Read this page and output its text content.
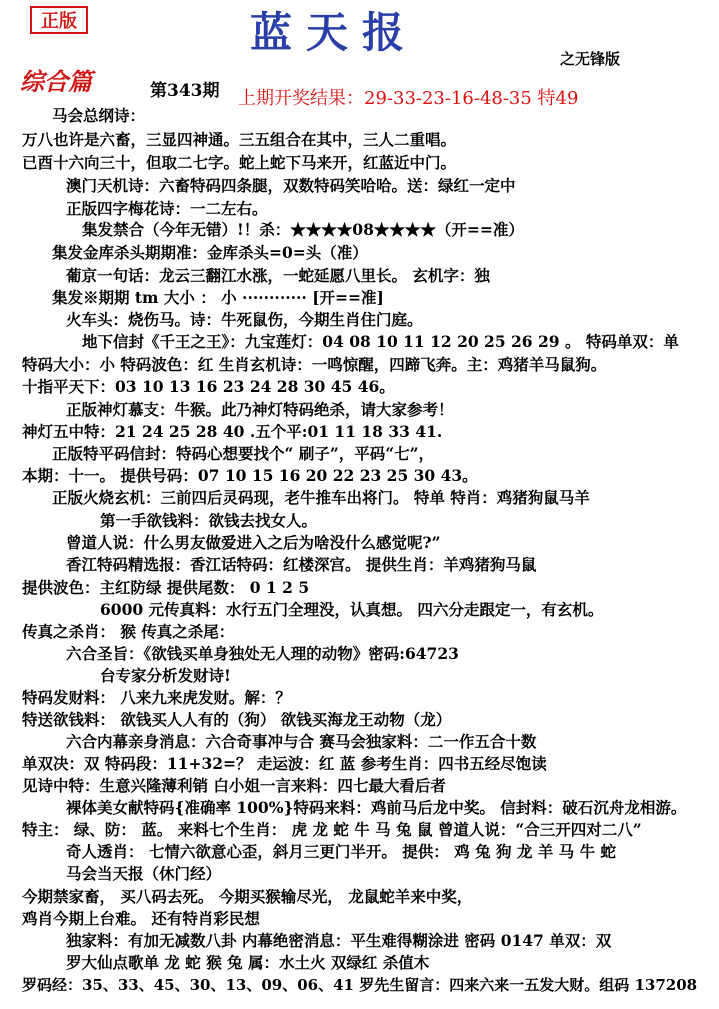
正版	蓝天报
之无锋版
综合篇	第343期 上期开奖结果：29-33-23-16-48-35 特49
马会总纲诗：
万八也许是六畜，三显四神通。三五组合在其中，三人二重唱。
已酉十六向三十，但取二七字。蛇上蛇下马来开，红蓝近中门。
澳门天机诗：六畜特码四条腿，双数特码笑哈哈。送：绿红一定中
正版四字梅花诗：一二左右。
集发禁合（今年无错）!！杀：★★★★08★★★★（开==准）
集发金库杀头期期准：金库杀头=0=头（准）
葡京一句话：龙云三翻江水涨，一蛇延愿八里长。 玄机字：独
集发※期期 tm 大小 ： 小 ············ [开==准]
火车头：烧伤马。诗：牛死鼠伤，今期生肖住门庭。
地下信封《千王之王》：九宝莲灯：04 08 10 11 12 20 25 26 29 。 特码单双：单
特码大小：小 特码波色：红 生肖玄机诗：一鸣惊醒，四蹄飞奔。主：鸡猪羊马鼠狗。
十指平天下：03 10 13 16 23 24 28 30 45 46。
正版神灯慕支：牛猴。此乃神灯特码绝杀，请大家参考！
神灯五中特：21 24 25 28 40 .五个平:01 11 18 33 41.
正版特平码信封：特码心想要找个“ 刷子”，平码“七”，
本期：十一。 提供号码：07 10 15 16 20 22 23 25 30 43。
正版火烧玄机：三前四后灵码现，老牛推车出将门。 特单 特肖：鸡猪狗鼠马羊
第一手欲钱料：欲钱去找女人。
曾道人说：什么男友做爱进入之后为啥没什么感觉呢?”
香江特码精选报：香江话特码：红楼深宫。 提供生肖：羊鸡猪狗马鼠
提供波色：主红防绿 提供尾数： 0 1 2 5
6000 元传真料：水行五门全理没，认真想。 四六分走跟定一，有玄机。
传真之杀肖： 猴 传真之杀尾：
六合圣旨：《欲钱买单身独处无人理的动物》密码:64723
台专家分析发财诗!
特码发财料： 八来九来虎发财。解：？
特送欲钱料： 欲钱买人人有的（狗） 欲钱买海龙王动物（龙）
六合内幕亲身消息：六合奇事冲与合 赛马会独家料：二一作五合十数
单双决：双 特码段：11+32=？ 走运波：红 蓝 参考生肖：四书五经尽饱读
见诗中特：生意兴隆薄利销 白小姐一言来料：四七最大看后者
裸体美女献特码{准确率 100%}特码来料：鸡前马后龙中奖。 信封料：破石沉舟龙相游。
特主： 绿、防： 蓝。 来料七个生肖： 虎 龙 蛇 牛 马 兔 鼠 曾道人说：“合三开四对二八”
奇人透肖： 七情六欲意心歪，斜月三更门半开。 提供： 鸡 兔 狗 龙 羊 马 牛 蛇
马会当天报（休门经）
今期禁家畜， 买八码去死。 今期买猴输尽光， 龙鼠蛇羊来中奖，
鸡肖今期上台难。 还有特肖彩民想
独家料：有加无减数八卦 内幕绝密消息：平生难得糊涂进 密码 0147 单双：双
罗大仙点歌单 龙 蛇 猴 兔 属：水土火 双绿红 杀值木
罗码经：35、33、45、30、13、09、06、41 罗先生留言：四来六来一五发大财。组码 137208
